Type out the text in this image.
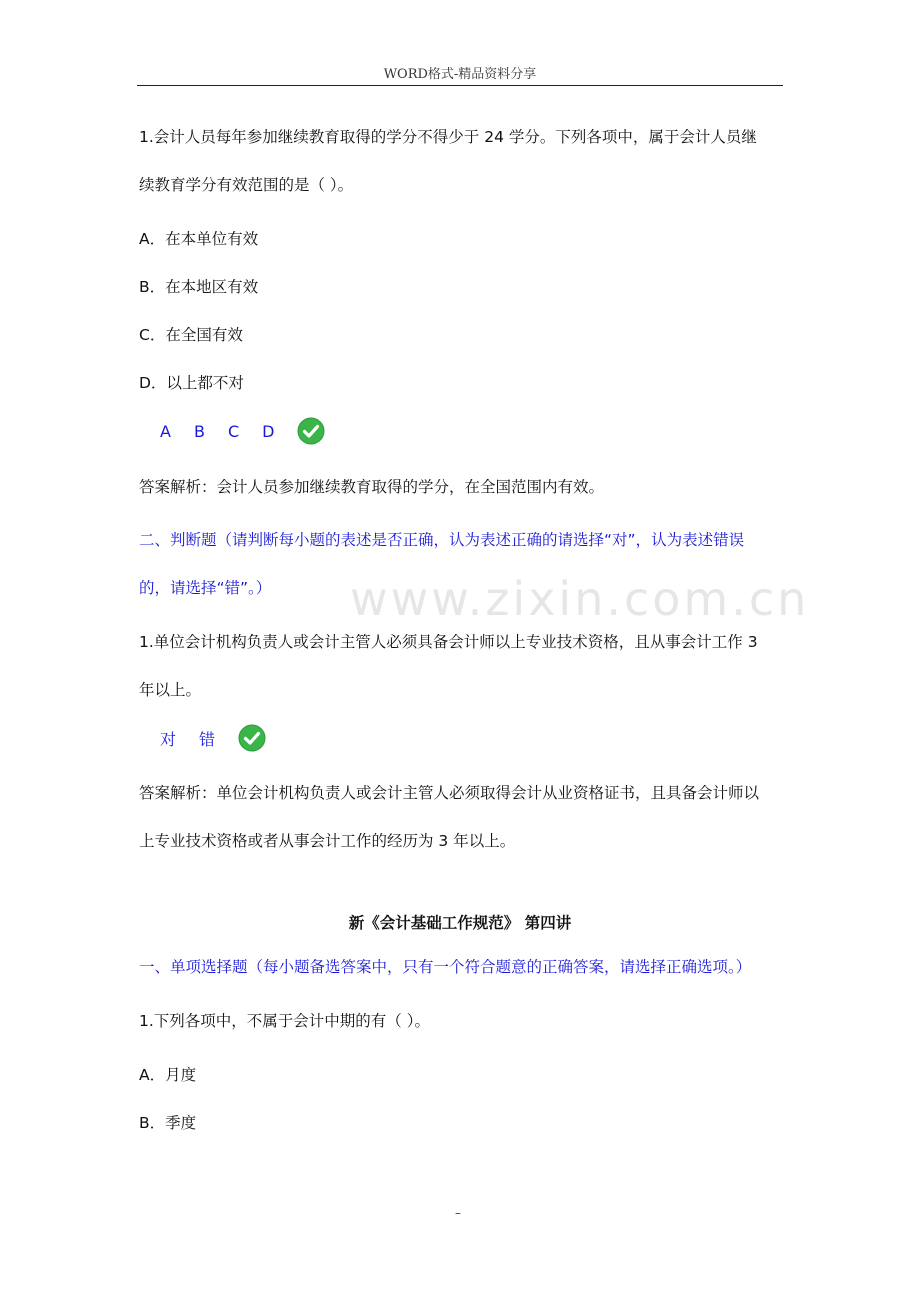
WORD格式-精品资料分享
www.zixin.com.cn
1.会计人员每年参加继续教育取得的学分不得少于 24 学分。下列各项中，属于会计人员继
续教育学分有效范围的是（ ）。
A．在本单位有效
B．在本地区有效
C．在全国有效
D．以上都不对
A B C D
答案解析：会计人员参加继续教育取得的学分，在全国范围内有效。
二、判断题（请判断每小题的表述是否正确，认为表述正确的请选择“对”，认为表述错误
的，请选择“错”。）
1.单位会计机构负责人或会计主管人必须具备会计师以上专业技术资格，且从事会计工作 3
年以上。
对 错
答案解析：单位会计机构负责人或会计主管人必须取得会计从业资格证书，且具备会计师以
上专业技术资格或者从事会计工作的经历为 3 年以上。
新《会计基础工作规范》 第四讲
一、单项选择题（每小题备选答案中，只有一个符合题意的正确答案，请选择正确选项。）
1.下列各项中，不属于会计中期的有（ ）。
A．月度
B．季度
–
